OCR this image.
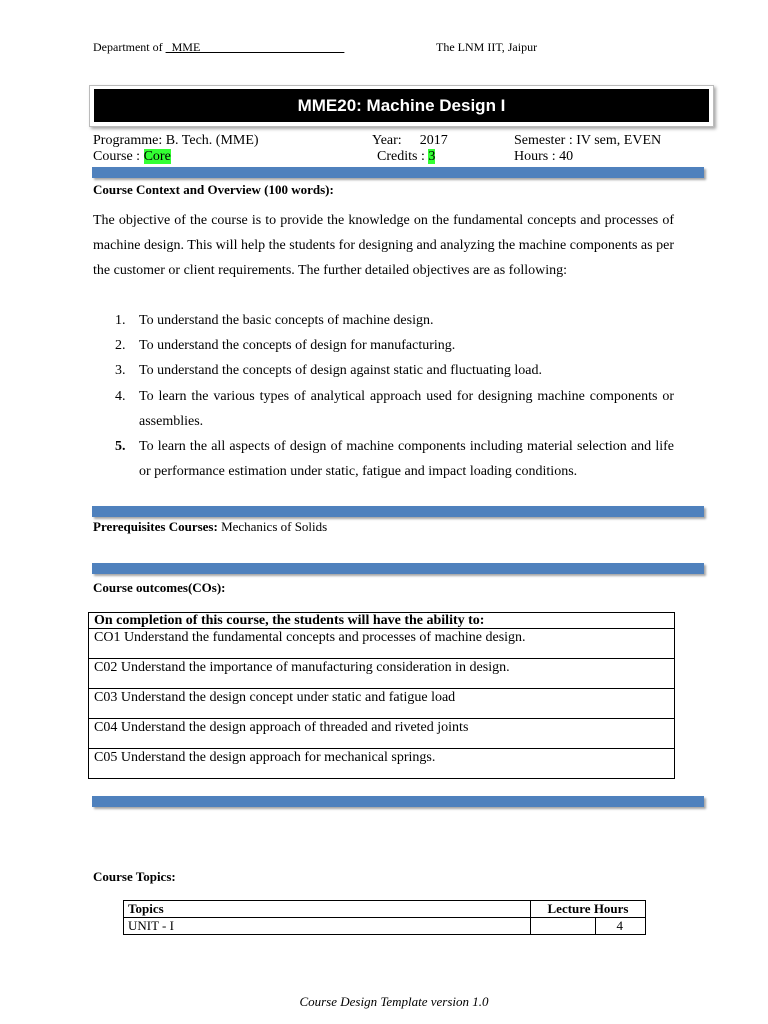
Department of _MME________________________	The LNM IIT, Jaipur
MME20: Machine Design I
Programme: B. Tech. (MME)	Year: 2017	Semester : IV sem, EVEN
Course : Core	Credits : 3	Hours : 40
Course Context and Overview (100 words):

The objective of the course is to provide the knowledge on the fundamental concepts and processes of machine design. This will help the students for designing and analyzing the machine components as per the customer or client requirements. The further detailed objectives are as following:

1. To understand the basic concepts of machine design.
2. To understand the concepts of design for manufacturing.
3. To understand the concepts of design against static and fluctuating load.
4. To learn the various types of analytical approach used for designing machine components or assemblies.
5. To learn the all aspects of design of machine components including material selection and life or performance estimation under static, fatigue and impact loading conditions.
Prerequisites Courses: Mechanics of Solids
Course outcomes(COs):
On completion of this course, the students will have the ability to:
CO1 Understand the fundamental concepts and processes of machine design.
C02 Understand the importance of manufacturing consideration in design.
C03 Understand the design concept under static and fatigue load
C04 Understand the design approach of threaded and riveted joints
C05 Understand the design approach for mechanical springs.
Course Topics:
Topics	Lecture Hours	
UNIT - I		4
Course Design Template version 1.0
